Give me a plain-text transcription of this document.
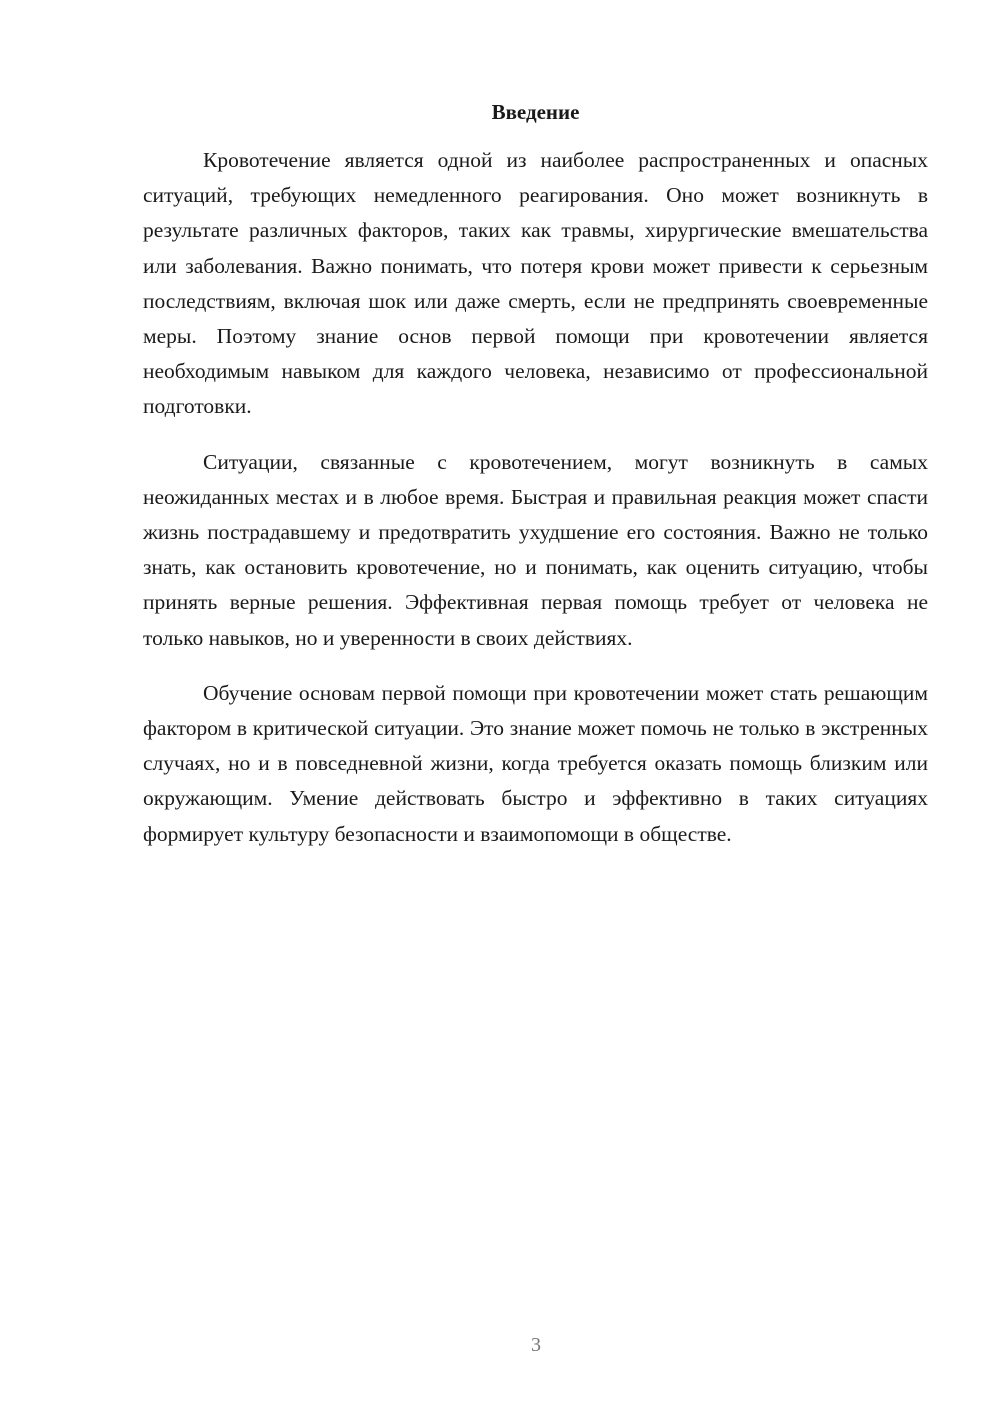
Введение

Кровотечение является одной из наиболее распространенных и опасных ситуаций, требующих немедленного реагирования. Оно может возникнуть в результате различных факторов, таких как травмы, хирургические вмешательства или заболевания. Важно понимать, что потеря крови может привести к серьезным последствиям, включая шок или даже смерть, если не предпринять своевременные меры. Поэтому знание основ первой помощи при кровотечении является необходимым навыком для каждого человека, независимо от профессиональной подготовки.

Ситуации, связанные с кровотечением, могут возникнуть в самых неожиданных местах и в любое время. Быстрая и правильная реакция может спасти жизнь пострадавшему и предотвратить ухудшение его состояния. Важно не только знать, как остановить кровотечение, но и понимать, как оценить ситуацию, чтобы принять верные решения. Эффективная первая помощь требует от человека не только навыков, но и уверенности в своих действиях.

Обучение основам первой помощи при кровотечении может стать решающим фактором в критической ситуации. Это знание может помочь не только в экстренных случаях, но и в повседневной жизни, когда требуется оказать помощь близким или окружающим. Умение действовать быстро и эффективно в таких ситуациях формирует культуру безопасности и взаимопомощи в обществе.

3
